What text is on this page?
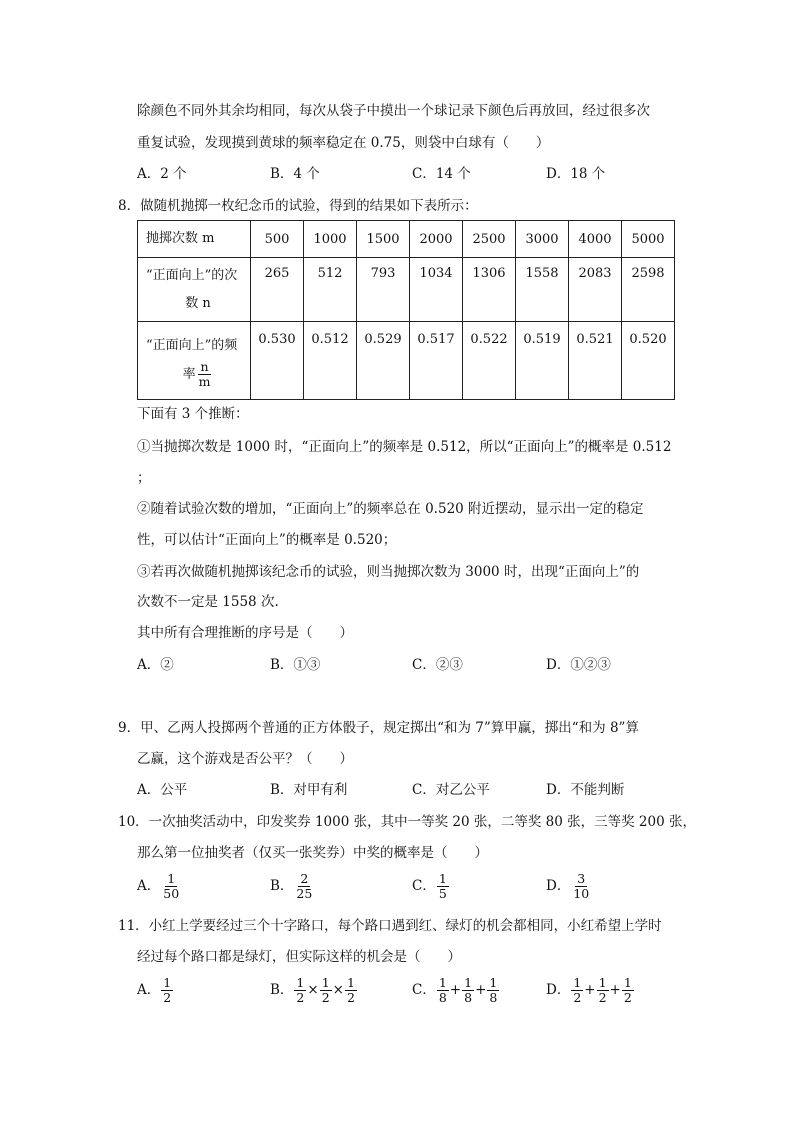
除颜色不同外其余均相同，每次从袋子中摸出一个球记录下颜色后再放回，经过很多次
重复试验，发现摸到黄球的频率稳定在 0.75，则袋中白球有（　　）
A．2 个	B．4 个	C．14 个	D．18 个
8．做随机抛掷一枚纪念币的试验，得到的结果如下表所示：
抛掷次数 m	500	1000	1500	2000	2500	3000	4000	5000

“正面向上”的次
数 n	265	512	793	1034	1306	1558	2083	2598

“正面向上”的频
率 $\frac{n}{m}$	0.530	0.512	0.529	0.517	0.522	0.519	0.521	0.520
下面有 3 个推断：
①当抛掷次数是 1000 时，“正面向上”的频率是 0.512，所以“正面向上”的概率是 0.512
；
②随着试验次数的增加，“正面向上”的频率总在 0.520 附近摆动，显示出一定的稳定
性，可以估计“正面向上”的概率是 0.520；
③若再次做随机抛掷该纪念币的试验，则当抛掷次数为 3000 时，出现“正面向上”的
次数不一定是 1558 次.
其中所有合理推断的序号是（　　）
A．②	B．①③	C．②③	D．①②③
9．甲、乙两人投掷两个普通的正方体骰子，规定掷出“和为 7”算甲赢，掷出“和为 8”算
乙赢，这个游戏是否公平？（　　）
A．公平	B．对甲有利	C．对乙公平	D．不能判断
10．一次抽奖活动中，印发奖券 1000 张，其中一等奖 20 张，二等奖 80 张，三等奖 200 张，
那么第一位抽奖者（仅买一张奖券）中奖的概率是（　　）
A． $\frac{1}{50}$	B． $\frac{2}{25}$	C． $\frac{1}{5}$	D． $\frac{3}{10}$
11．小红上学要经过三个十字路口，每个路口遇到红、绿灯的机会都相同，小红希望上学时
经过每个路口都是绿灯，但实际这样的机会是（　　）
A． $\frac{1}{2}$	B． $\frac{1}{2} \times \frac{1}{2} \times \frac{1}{2}$	C． $\frac{1}{8} + \frac{1}{8} + \frac{1}{8}$	D． $\frac{1}{2} + \frac{1}{2} + \frac{1}{2}$
